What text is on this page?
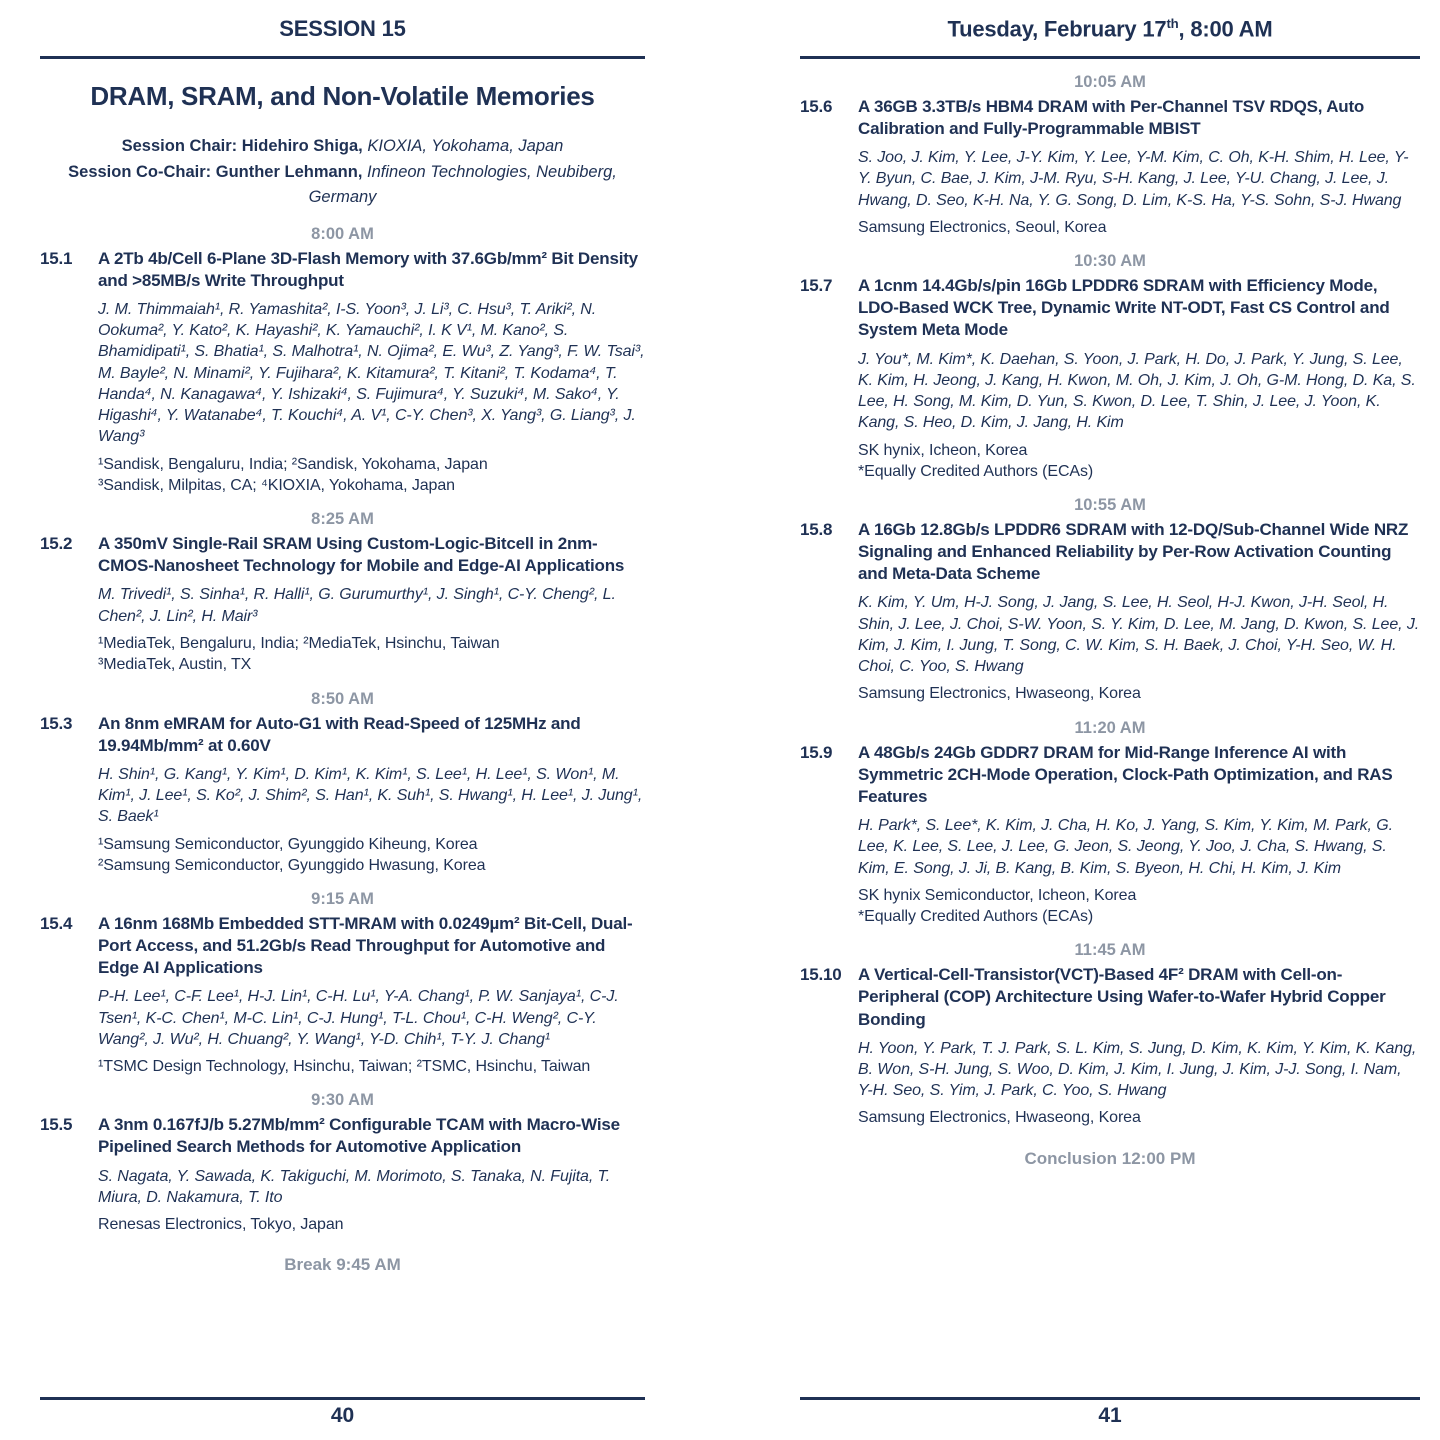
SESSION 15
DRAM, SRAM, and Non-Volatile Memories
Session Chair: Hidehiro Shiga, KIOXIA, Yokohama, Japan
Session Co-Chair: Gunther Lehmann, Infineon Technologies, Neubiberg, Germany
8:00 AM
15.1	A 2Tb 4b/Cell 6-Plane 3D-Flash Memory with 37.6Gb/mm² Bit Density and >85MB/s Write Throughput

J. M. Thimmaiah¹, R. Yamashita², I-S. Yoon³, J. Li³, C. Hsu³, T. Ariki², N. Ookuma², Y. Kato², K. Hayashi², K. Yamauchi², I. K V¹, M. Kano², S. Bhamidipati¹, S. Bhatia¹, S. Malhotra¹, N. Ojima², E. Wu³, Z. Yang³, F. W. Tsai³, M. Bayle², N. Minami², Y. Fujihara², K. Kitamura², T. Kitani², T. Kodama⁴, T. Handa⁴, N. Kanagawa⁴, Y. Ishizaki⁴, S. Fujimura⁴, Y. Suzuki⁴, M. Sako⁴, Y. Higashi⁴, Y. Watanabe⁴, T. Kouchi⁴, A. V¹, C-Y. Chen³, X. Yang³, G. Liang³, J. Wang³

¹Sandisk, Bengaluru, India; ²Sandisk, Yokohama, Japan
³Sandisk, Milpitas, CA; ⁴KIOXIA, Yokohama, Japan
8:25 AM
15.2	A 350mV Single-Rail SRAM Using Custom-Logic-Bitcell in 2nm-CMOS-Nanosheet Technology for Mobile and Edge-AI Applications

M. Trivedi¹, S. Sinha¹, R. Halli¹, G. Gurumurthy¹, J. Singh¹, C-Y. Cheng², L. Chen², J. Lin², H. Mair³

¹MediaTek, Bengaluru, India; ²MediaTek, Hsinchu, Taiwan
³MediaTek, Austin, TX
8:50 AM
15.3	An 8nm eMRAM for Auto-G1 with Read-Speed of 125MHz and 19.94Mb/mm² at 0.60V

H. Shin¹, G. Kang¹, Y. Kim¹, D. Kim¹, K. Kim¹, S. Lee¹, H. Lee¹, S. Won¹, M. Kim¹, J. Lee¹, S. Ko², J. Shim², S. Han¹, K. Suh¹, S. Hwang¹, H. Lee¹, J. Jung¹, S. Baek¹

¹Samsung Semiconductor, Gyunggido Kiheung, Korea
²Samsung Semiconductor, Gyunggido Hwasung, Korea
9:15 AM
15.4	A 16nm 168Mb Embedded STT-MRAM with 0.0249µm² Bit-Cell, Dual-Port Access, and 51.2Gb/s Read Throughput for Automotive and Edge AI Applications

P-H. Lee¹, C-F. Lee¹, H-J. Lin¹, C-H. Lu¹, Y-A. Chang¹, P. W. Sanjaya¹, C-J. Tsen¹, K-C. Chen¹, M-C. Lin¹, C-J. Hung¹, T-L. Chou¹, C-H. Weng², C-Y. Wang², J. Wu², H. Chuang², Y. Wang¹, Y-D. Chih¹, T-Y. J. Chang¹

¹TSMC Design Technology, Hsinchu, Taiwan; ²TSMC, Hsinchu, Taiwan
9:30 AM
15.5	A 3nm 0.167fJ/b 5.27Mb/mm² Configurable TCAM with Macro-Wise Pipelined Search Methods for Automotive Application

S. Nagata, Y. Sawada, K. Takiguchi, M. Morimoto, S. Tanaka, N. Fujita, T. Miura, D. Nakamura, T. Ito

Renesas Electronics, Tokyo, Japan
Break 9:45 AM
40
Tuesday, February 17th, 8:00 AM
10:05 AM
15.6	A 36GB 3.3TB/s HBM4 DRAM with Per-Channel TSV RDQS, Auto Calibration and Fully-Programmable MBIST

S. Joo, J. Kim, Y. Lee, J-Y. Kim, Y. Lee, Y-M. Kim, C. Oh, K-H. Shim, H. Lee, Y-Y. Byun, C. Bae, J. Kim, J-M. Ryu, S-H. Kang, J. Lee, Y-U. Chang, J. Lee, J. Hwang, D. Seo, K-H. Na, Y. G. Song, D. Lim, K-S. Ha, Y-S. Sohn, S-J. Hwang

Samsung Electronics, Seoul, Korea
10:30 AM
15.7	A 1cnm 14.4Gb/s/pin 16Gb LPDDR6 SDRAM with Efficiency Mode, LDO-Based WCK Tree, Dynamic Write NT-ODT, Fast CS Control and System Meta Mode

J. You*, M. Kim*, K. Daehan, S. Yoon, J. Park, H. Do, J. Park, Y. Jung, S. Lee, K. Kim, H. Jeong, J. Kang, H. Kwon, M. Oh, J. Kim, J. Oh, G-M. Hong, D. Ka, S. Lee, H. Song, M. Kim, D. Yun, S. Kwon, D. Lee, T. Shin, J. Lee, J. Yoon, K. Kang, S. Heo, D. Kim, J. Jang, H. Kim

SK hynix, Icheon, Korea
*Equally Credited Authors (ECAs)
10:55 AM
15.8	A 16Gb 12.8Gb/s LPDDR6 SDRAM with 12-DQ/Sub-Channel Wide NRZ Signaling and Enhanced Reliability by Per-Row Activation Counting and Meta-Data Scheme

K. Kim, Y. Um, H-J. Song, J. Jang, S. Lee, H. Seol, H-J. Kwon, J-H. Seol, H. Shin, J. Lee, J. Choi, S-W. Yoon, S. Y. Kim, D. Lee, M. Jang, D. Kwon, S. Lee, J. Kim, J. Kim, I. Jung, T. Song, C. W. Kim, S. H. Baek, J. Choi, Y-H. Seo, W. H. Choi, C. Yoo, S. Hwang

Samsung Electronics, Hwaseong, Korea
11:20 AM
15.9	A 48Gb/s 24Gb GDDR7 DRAM for Mid-Range Inference AI with Symmetric 2CH-Mode Operation, Clock-Path Optimization, and RAS Features

H. Park*, S. Lee*, K. Kim, J. Cha, H. Ko, J. Yang, S. Kim, Y. Kim, M. Park, G. Lee, K. Lee, S. Lee, J. Lee, G. Jeon, S. Jeong, Y. Joo, J. Cha, S. Hwang, S. Kim, E. Song, J. Ji, B. Kang, B. Kim, S. Byeon, H. Chi, H. Kim, J. Kim

SK hynix Semiconductor, Icheon, Korea
*Equally Credited Authors (ECAs)
11:45 AM
15.10 A Vertical-Cell-Transistor(VCT)-Based 4F² DRAM with Cell-on-Peripheral (COP) Architecture Using Wafer-to-Wafer Hybrid Copper Bonding

H. Yoon, Y. Park, T. J. Park, S. L. Kim, S. Jung, D. Kim, K. Kim, Y. Kim, K. Kang, B. Won, S-H. Jung, S. Woo, D. Kim, J. Kim, I. Jung, J. Kim, J-J. Song, I. Nam, Y-H. Seo, S. Yim, J. Park, C. Yoo, S. Hwang

Samsung Electronics, Hwaseong, Korea
Conclusion 12:00 PM
41
